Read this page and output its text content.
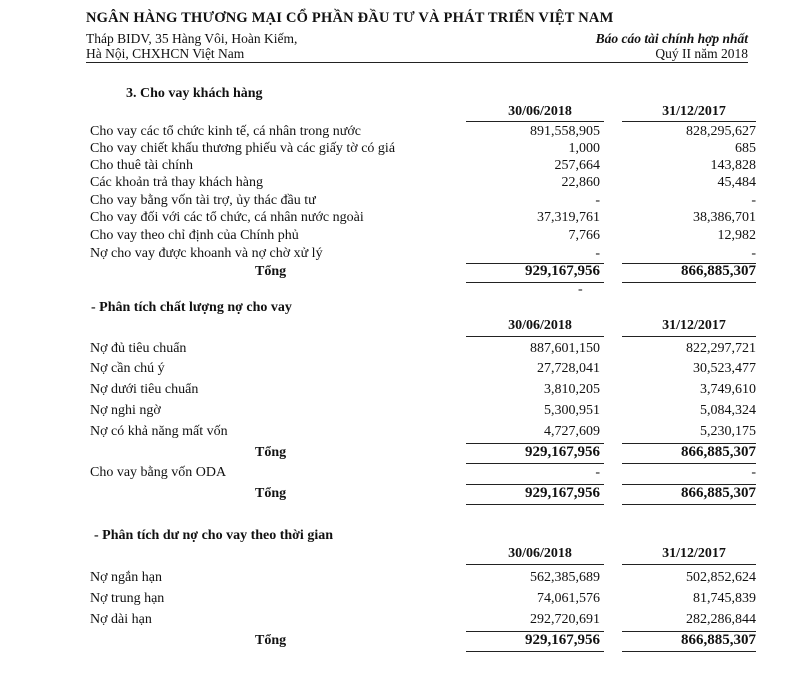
NGÂN HÀNG THƯƠNG MẠI CỔ PHẦN ĐẦU TƯ VÀ PHÁT TRIỂN VIỆT NAM
Tháp BIDV, 35 Hàng Vôi, Hoàn Kiếm,
Hà Nội, CHXHCN Việt Nam
Báo cáo tài chính hợp nhất
Quý II năm 2018
3. Cho vay khách hàng
30/06/2018	31/12/2017
Cho vay các tổ chức kinh tế, cá nhân trong nước	891,558,905	828,295,627
Cho vay chiết khấu thương phiếu và các giấy tờ có giá	1,000	685
Cho thuê tài chính	257,664	143,828
Các khoản trả thay khách hàng	22,860	45,484
Cho vay bằng vốn tài trợ, ủy thác đầu tư	-	-
Cho vay đối với các tổ chức, cá nhân nước ngoài	37,319,761	38,386,701
Cho vay theo chỉ định của Chính phủ	7,766	12,982
Nợ cho vay được khoanh và nợ chờ xử lý	-	-
Tổng	929,167,956	866,885,307
-
- Phân tích chất lượng nợ cho vay
30/06/2018	31/12/2017
Nợ đủ tiêu chuẩn	887,601,150	822,297,721
Nợ cần chú ý	27,728,041	30,523,477
Nợ dưới tiêu chuẩn	3,810,205	3,749,610
Nợ nghi ngờ	5,300,951	5,084,324
Nợ có khả năng mất vốn	4,727,609	5,230,175
Tổng	929,167,956	866,885,307
Cho vay bằng vốn ODA	-	-
Tổng	929,167,956	866,885,307
- Phân tích dư nợ cho vay theo thời gian
30/06/2018	31/12/2017
Nợ ngắn hạn	562,385,689	502,852,624
Nợ trung hạn	74,061,576	81,745,839
Nợ dài hạn	292,720,691	282,286,844
Tổng	929,167,956	866,885,307
